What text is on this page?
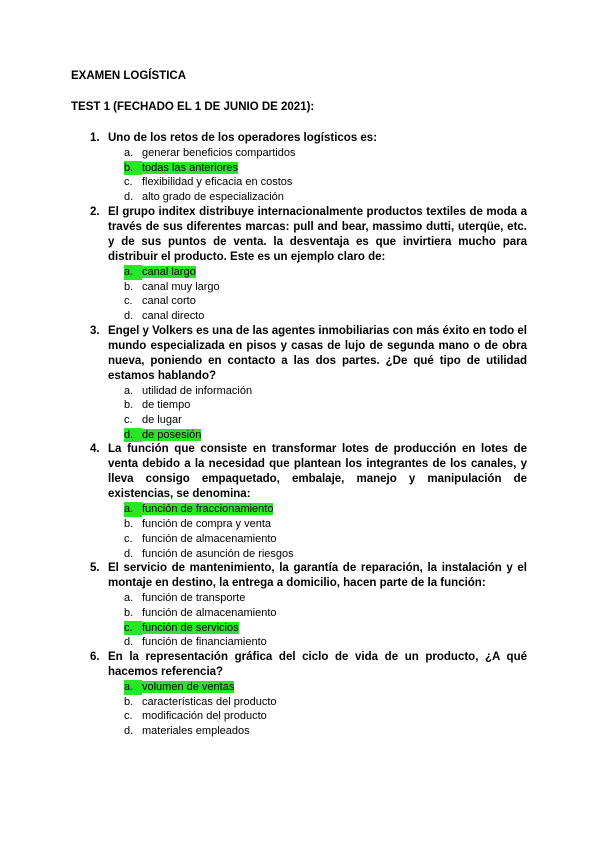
EXAMEN LOGÍSTICA
TEST 1 (FECHADO EL 1 DE JUNIO DE 2021):
1. Uno de los retos de los operadores logísticos es:
a. generar beneficios compartidos
b. todas las anteriores
c. flexibilidad y eficacia en costos
d. alto grado de especialización
2. El grupo inditex distribuye internacionalmente productos textiles de moda a través de sus diferentes marcas: pull and bear, massimo dutti, uterqüe, etc. y de sus puntos de venta. la desventaja es que invirtiera mucho para distribuir el producto. Este es un ejemplo claro de:
a. canal largo
b. canal muy largo
c. canal corto
d. canal directo
3. Engel y Volkers es una de las agentes inmobiliarias con más éxito en todo el mundo especializada en pisos y casas de lujo de segunda mano o de obra nueva, poniendo en contacto a las dos partes. ¿De qué tipo de utilidad estamos hablando?
a. utilidad de información
b. de tiempo
c. de lugar
d. de posesión
4. La función que consiste en transformar lotes de producción en lotes de venta debido a la necesidad que plantean los integrantes de los canales, y lleva consigo empaquetado, embalaje, manejo y manipulación de existencias, se denomina:
a. función de fraccionamiento
b. función de compra y venta
c. función de almacenamiento
d. función de asunción de riesgos
5. El servicio de mantenimiento, la garantía de reparación, la instalación y el montaje en destino, la entrega a domicilio, hacen parte de la función:
a. función de transporte
b. función de almacenamiento
c. función de servicios
d. función de financiamiento
6. En la representación gráfica del ciclo de vida de un producto, ¿A qué hacemos referencia?
a. volumen de ventas
b. características del producto
c. modificación del producto
d. materiales empleados
